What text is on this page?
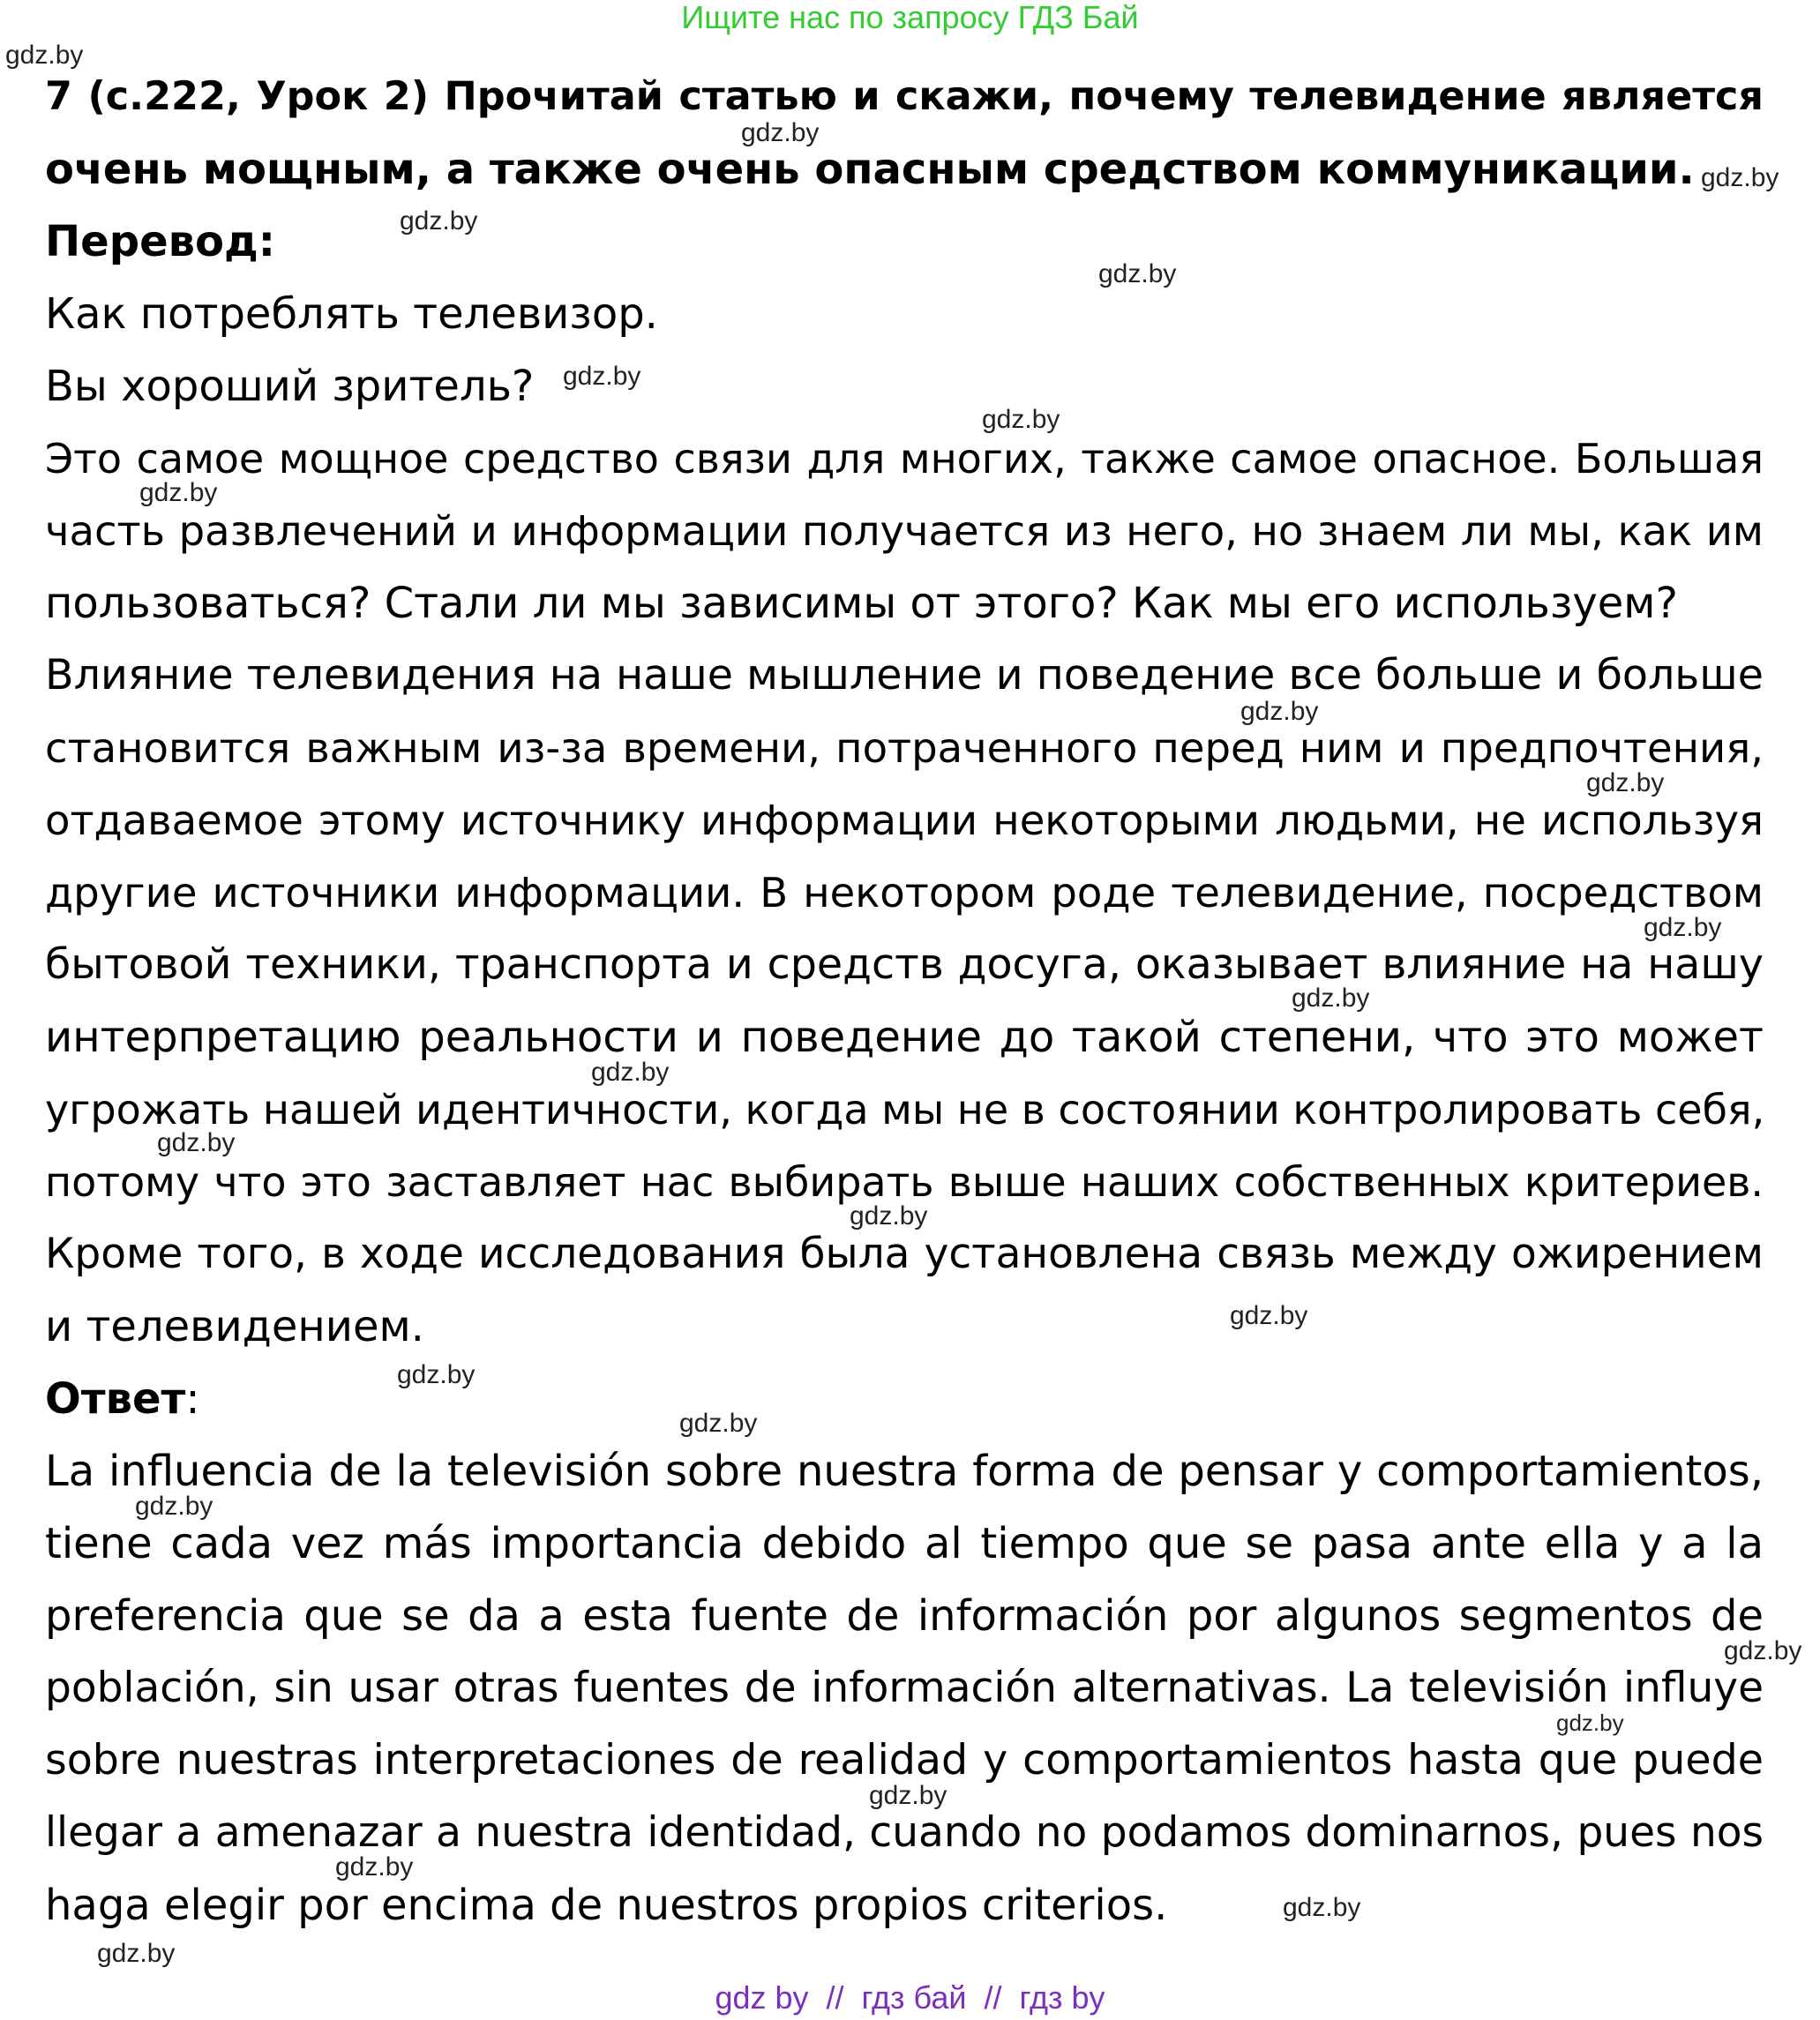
Ищите нас по запросу ГДЗ Бай
7 (с.222, Урок 2) Прочитай статью и скажи, почему телевидение является
очень мощным, а также очень опасным средством коммуникации.
Перевод:
Как потреблять телевизор.
Вы хороший зритель?
Это самое мощное средство связи для многих, также самое опасное. Большая
часть развлечений и информации получается из него, но знаем ли мы, как им
пользоваться? Стали ли мы зависимы от этого? Как мы его используем?
Влияние телевидения на наше мышление и поведение все больше и больше
становится важным из-за времени, потраченного перед ним и предпочтения,
отдаваемое этому источнику информации некоторыми людьми, не используя
другие источники информации. В некотором роде телевидение, посредством
бытовой техники, транспорта и средств досуга, оказывает влияние на нашу
интерпретацию реальности и поведение до такой степени, что это может
угрожать нашей идентичности, когда мы не в состоянии контролировать себя,
потому что это заставляет нас выбирать выше наших собственных критериев.
Кроме того, в ходе исследования была установлена связь между ожирением
и телевидением.
Ответ:
La influencia de la televisión sobre nuestra forma de pensar y comportamientos,
tiene cada vez más importancia debido al tiempo que se pasa ante ella y a la
preferencia que se da a esta fuente de información por algunos segmentos de
población, sin usar otras fuentes de información alternativas. La televisión influye
sobre nuestras interpretaciones de realidad y comportamientos hasta que puede
llegar a amenazar a nuestra identidad, cuando no podamos dominarnos, pues nos
haga elegir por encima de nuestros propios criterios.
gdz.by
gdz.by
gdz.by
gdz.by
gdz.by
gdz.by
gdz.by
gdz.by
gdz.by
gdz.by
gdz.by
gdz.by
gdz.by
gdz.by
gdz.by
gdz.by
gdz.by
gdz.by
gdz.by
gdz.by
gdz.by
gdz.by
gdz.by
gdz.by
gdz.by
gdz by  //  гдз бай  //  гдз by
